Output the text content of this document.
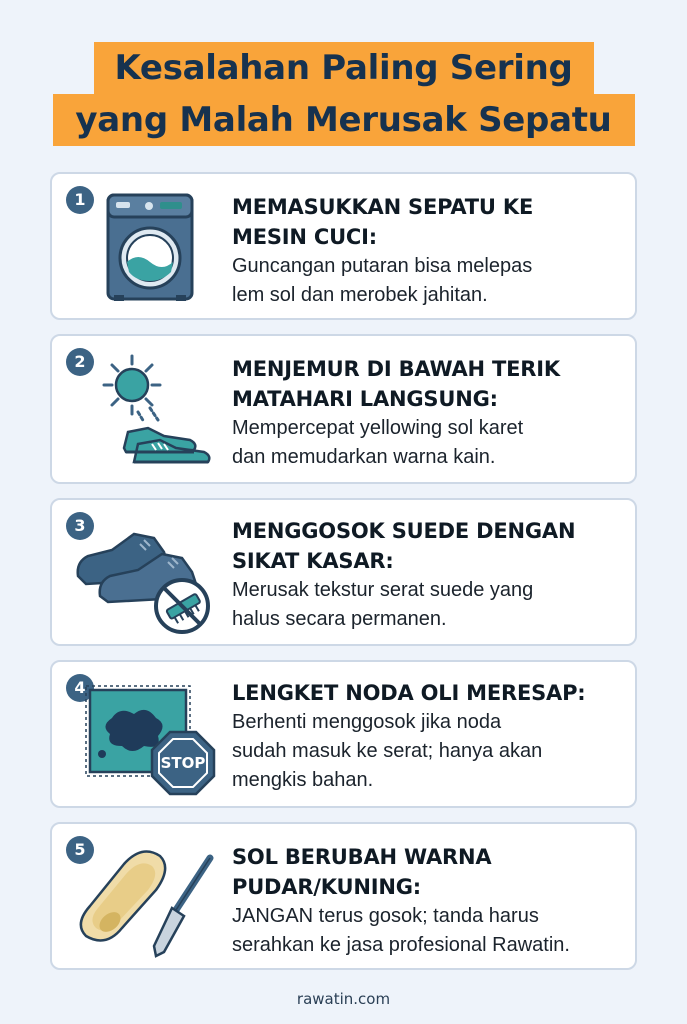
Kesalahan Paling Sering
yang Malah Merusak Sepatu
1	MEMASUKKAN SEPATU KE
MESIN CUCI:
Guncangan putaran bisa melepas
lem sol dan merobek jahitan.
2	MENJEMUR DI BAWAH TERIK
MATAHARI LANGSUNG:
Mempercepat yellowing sol karet
dan memudarkan warna kain.
3	MENGGOSOK SUEDE DENGAN
SIKAT KASAR:
Merusak tekstur serat suede yang
halus secara permanen.
4
STOP
LENGKET NODA OLI MERESAP:
Berhenti menggosok jika noda
sudah masuk ke serat; hanya akan
mengkis bahan.
5	SOL BERUBAH WARNA
PUDAR/KUNING:
JANGAN terus gosok; tanda harus
serahkan ke jasa profesional Rawatin.
rawatin.com
